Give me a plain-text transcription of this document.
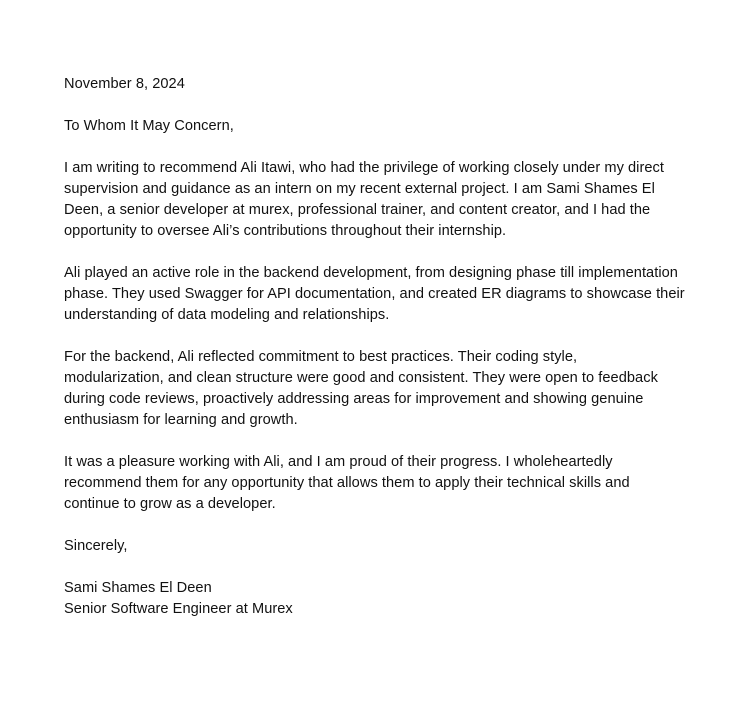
November 8, 2024

To Whom It May Concern,

I am writing to recommend Ali Itawi, who had the privilege of working closely under my direct
supervision and guidance as an intern on my recent external project. I am Sami Shames El
Deen, a senior developer at murex, professional trainer, and content creator, and I had the
opportunity to oversee Ali’s contributions throughout their internship.

Ali played an active role in the backend development, from designing phase till implementation
phase. They used Swagger for API documentation, and created ER diagrams to showcase their
understanding of data modeling and relationships.

For the backend, Ali reflected commitment to best practices. Their coding style,
modularization, and clean structure were good and consistent. They were open to feedback
during code reviews, proactively addressing areas for improvement and showing genuine
enthusiasm for learning and growth.

It was a pleasure working with Ali, and I am proud of their progress. I wholeheartedly
recommend them for any opportunity that allows them to apply their technical skills and
continue to grow as a developer.

Sincerely,

Sami Shames El Deen
Senior Software Engineer at Murex
